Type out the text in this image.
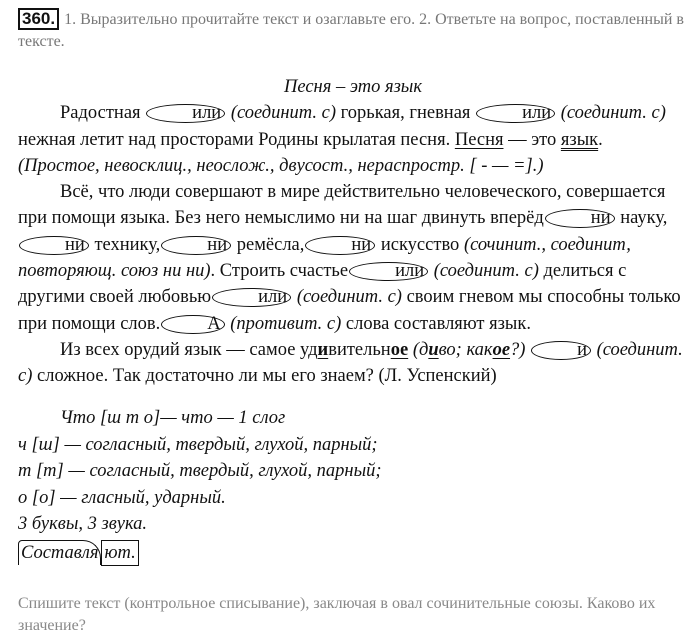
360. 1. Выразительно прочитайте текст и озаглавьте его. 2. Ответьте на вопрос, поставленный в тексте.

Песня – это язык

Радостная	или (соединит. с) горькая, гневная	или (соединит. с) нежная летит над просторами Родины крылатая песня. Песня — это язык. (Простое, невосклиц., неослож., двусост., нераспростр. [ - — =].)

Всё, что люди совершают в мире действительно человеческого, совершается при помощи языка. Без него немыслимо ни на шаг двинуть вперёд	ни науку,ни технику,	ни ремёсла,	ни искусство (сочинит., соединит, повторяющ. союз ни ни). Строить счастье	или (соединит. с) делиться с другими своей любовью	или (соединит. с) своим гневом мы способны только при помощи слов.	А (противит. с) слова составляют язык.

Из всех орудий язык — самое удивительное (диво; какое?)	и (соединит. с) сложное. Так достаточно ли мы его знаем? (Л. Успенский)

Что [ш т о]— что — 1 слог

ч [ш] — согласный, твердый, глухой, парный;

т [т] — согласный, твердый, глухой, парный;

о [о] — гласный, ударный.

3 буквы, 3 звука.

Составля ют.
Спишите текст (контрольное списывание), заключая в овал сочинительные союзы. Каково их значение?
